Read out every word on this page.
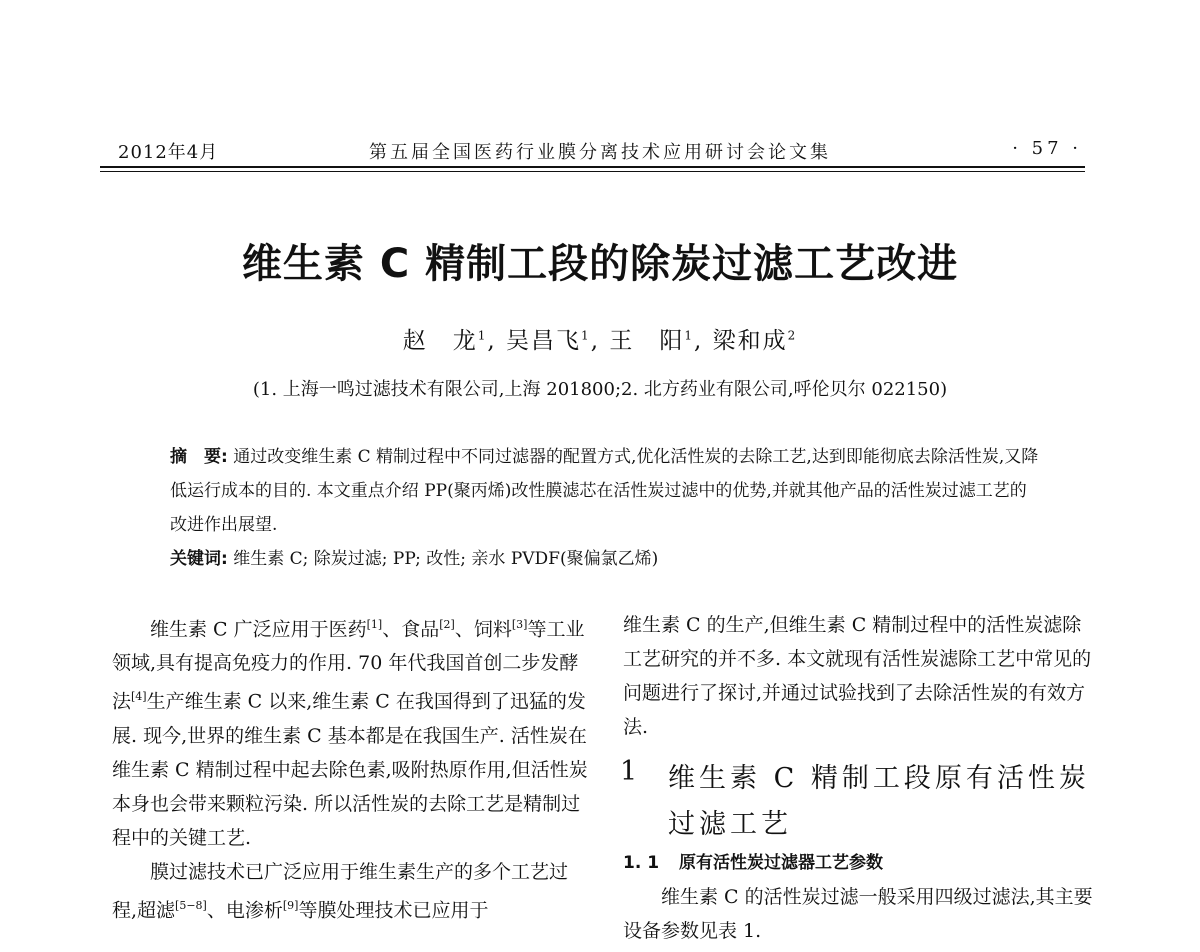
2012年4月	第五届全国医药行业膜分离技术应用研讨会论文集	· 57 ·
维生素 C 精制工段的除炭过滤工艺改进
赵　龙$^1$, 吴昌飞$^1$, 王　阳$^1$, 梁和成$^2$
(1. 上海一鸣过滤技术有限公司,上海 201800;2. 北方药业有限公司,呼伦贝尔 022150)
摘　要: 通过改变维生素 C 精制过程中不同过滤器的配置方式,优化活性炭的去除工艺,达到即能彻底去除活性炭,又降低运行成本的目的. 本文重点介绍 PP(聚丙烯)改性膜滤芯在活性炭过滤中的优势,并就其他产品的活性炭过滤工艺的改进作出展望.
关键词: 维生素 C; 除炭过滤; PP; 改性; 亲水 PVDF(聚偏氯乙烯)

维生素 C 广泛应用于医药[1]、食品[2]、饲料[3]等工业领域,具有提高免疫力的作用. 70 年代我国首创二步发酵法[4]生产维生素 C 以来,维生素 C 在我国得到了迅猛的发展. 现今,世界的维生素 C 基本都是在我国生产. 活性炭在维生素 C 精制过程中起去除色素,吸附热原作用,但活性炭本身也会带来颗粒污染. 所以活性炭的去除工艺是精制过程中的关键工艺.

膜过滤技术已广泛应用于维生素生产的多个工艺过程,超滤[5−8]、电渗析[9]等膜处理技术已应用于

维生素 C 的生产,但维生素 C 精制过程中的活性炭滤除工艺研究的并不多. 本文就现有活性炭滤除工艺中常见的问题进行了探讨,并通过试验找到了去除活性炭的有效方法.

1 维生素 C 精制工段原有活性炭过滤工艺
1. 1 原有活性炭过滤器工艺参数

维生素 C 的活性炭过滤一般采用四级过滤法,其主要设备参数见表 1.
